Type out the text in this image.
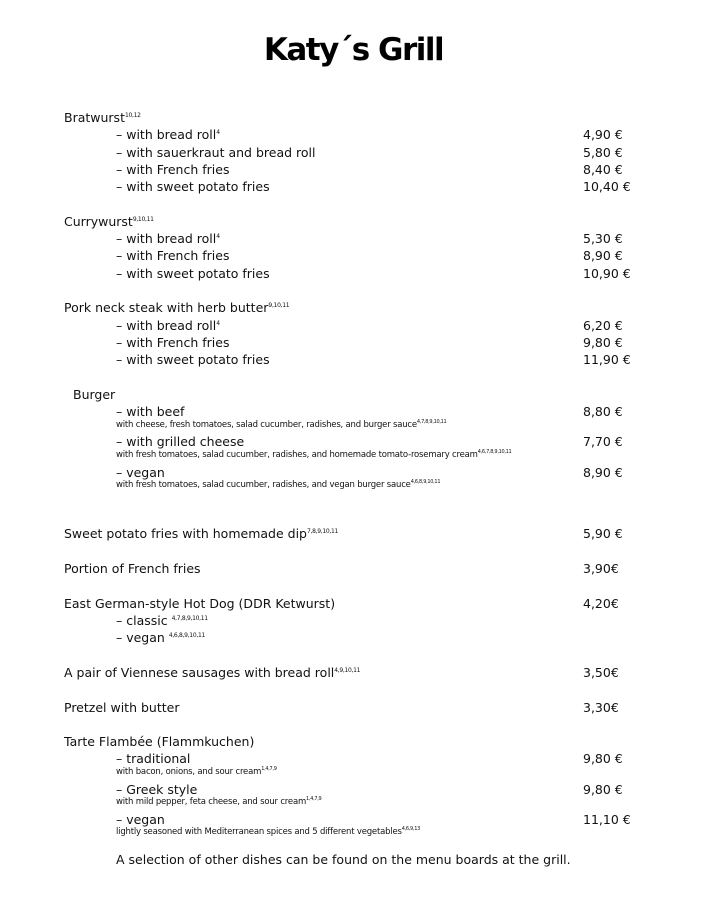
Katy´s Grill
Bratwurst$^{10,12}$
– with bread roll$^4$	4,90 €
– with sauerkraut and bread roll	5,80 €
– with French fries	8,40 €
– with sweet potato fries	10,40 €
Currywurst$^{9,10,11}$
– with bread roll$^4$	5,30 €
– with French fries	8,90 €
– with sweet potato fries	10,90 €
Pork neck steak with herb butter$^{9,10,11}$
– with bread roll$^4$	6,20 €
– with French fries	9,80 €
– with sweet potato fries	11,90 €
Burger
– with beef	8,80 €
with cheese, fresh tomatoes, salad cucumber, radishes, and burger sauce$^{4,7,8,9,10,11}$
– with grilled cheese	7,70 €
with fresh tomatoes, salad cucumber, radishes, and homemade tomato-rosemary cream$^{4,6,7,8,9,10,11}$
– vegan	8,90 €
with fresh tomatoes, salad cucumber, radishes, and vegan burger sauce$^{4,6,8,9,10,11}$
Sweet potato fries with homemade dip$^{7,8,9,10,11}$	5,90 €
Portion of French fries	3,90€
East German-style Hot Dog (DDR Ketwurst)	4,20€
– classic $^{4,7,8,9,10,11}$
– vegan $^{4,6,8,9,10,11}$
A pair of Viennese sausages with bread roll$^{4,9,10,11}$	3,50€
Pretzel with butter	3,30€
Tarte Flambée (Flammkuchen)
– traditional	9,80 €
with bacon, onions, and sour cream$^{1,4,7,9}$
– Greek style	9,80 €
with mild pepper, feta cheese, and sour cream$^{1,4,7,9}$
– vegan	11,10 €
lightly seasoned with Mediterranean spices and 5 different vegetables$^{4,6,9,13}$
A selection of other dishes can be found on the menu boards at the grill.
